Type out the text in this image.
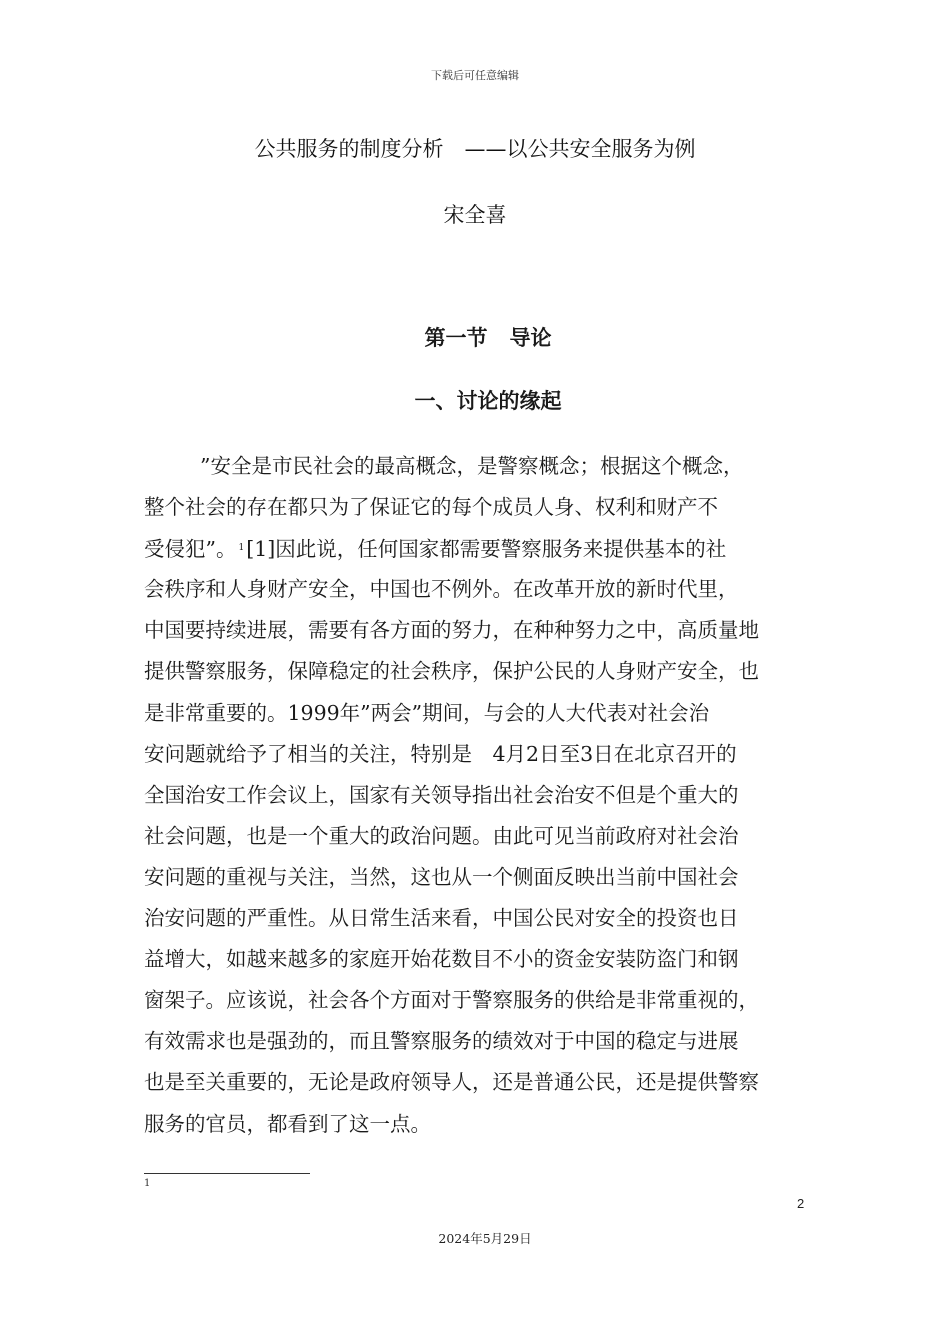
下载后可任意编辑
公共服务的制度分析　——以公共安全服务为例
宋全喜
第一节 导论
一、讨论的缘起
”安全是市民社会的最高概念，是警察概念；根据这个概念，
整个社会的存在都只为了保证它的每个成员人身、权利和财产不
受侵犯”。 $^1$[1]因此说，任何国家都需要警察服务来提供基本的社
会秩序和人身财产安全，中国也不例外。在改革开放的新时代里，
中国要持续进展，需要有各方面的努力，在种种努力之中，高质量地
提供警察服务，保障稳定的社会秩序，保护公民的人身财产安全，也
是非常重要的。1999年”两会”期间，与会的人大代表对社会治
安问题就给予了相当的关注，特别是　4月2日至3日在北京召开的
全国治安工作会议上，国家有关领导指出社会治安不但是个重大的
社会问题，也是一个重大的政治问题。由此可见当前政府对社会治
安问题的重视与关注，当然，这也从一个侧面反映出当前中国社会
治安问题的严重性。从日常生活来看，中国公民对安全的投资也日
益增大，如越来越多的家庭开始花数目不小的资金安装防盗门和钢
窗架子。应该说，社会各个方面对于警察服务的供给是非常重视的，
有效需求也是强劲的，而且警察服务的绩效对于中国的稳定与进展
也是至关重要的，无论是政府领导人，还是普通公民，还是提供警察
服务的官员，都看到了这一点。
1
2
2024年5月29日
